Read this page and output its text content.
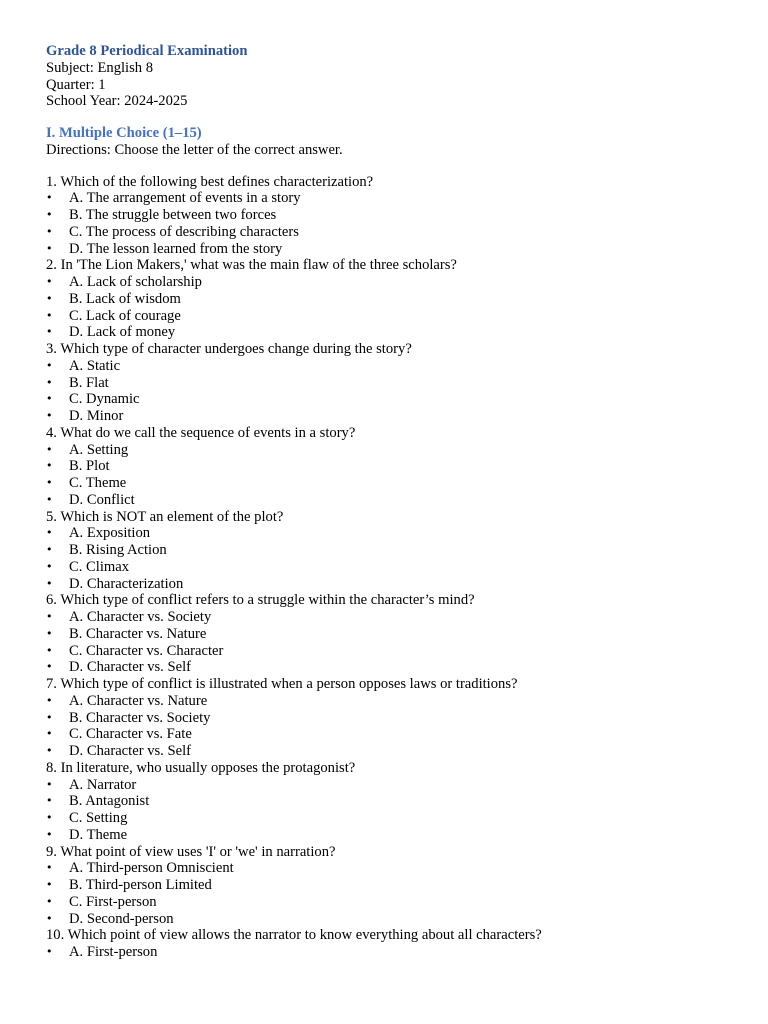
Grade 8 Periodical Examination
Subject: English 8
Quarter: 1
School Year: 2024-2025
I. Multiple Choice (1–15)
Directions: Choose the letter of the correct answer.
1. Which of the following best defines characterization?
• A. The arrangement of events in a story
• B. The struggle between two forces
• C. The process of describing characters
• D. The lesson learned from the story
2. In 'The Lion Makers,' what was the main flaw of the three scholars?
• A. Lack of scholarship
• B. Lack of wisdom
• C. Lack of courage
• D. Lack of money
3. Which type of character undergoes change during the story?
• A. Static
• B. Flat
• C. Dynamic
• D. Minor
4. What do we call the sequence of events in a story?
• A. Setting
• B. Plot
• C. Theme
• D. Conflict
5. Which is NOT an element of the plot?
• A. Exposition
• B. Rising Action
• C. Climax
• D. Characterization
6. Which type of conflict refers to a struggle within the character’s mind?
• A. Character vs. Society
• B. Character vs. Nature
• C. Character vs. Character
• D. Character vs. Self
7. Which type of conflict is illustrated when a person opposes laws or traditions?
• A. Character vs. Nature
• B. Character vs. Society
• C. Character vs. Fate
• D. Character vs. Self
8. In literature, who usually opposes the protagonist?
• A. Narrator
• B. Antagonist
• C. Setting
• D. Theme
9. What point of view uses 'I' or 'we' in narration?
• A. Third-person Omniscient
• B. Third-person Limited
• C. First-person
• D. Second-person
10. Which point of view allows the narrator to know everything about all characters?
• A. First-person
